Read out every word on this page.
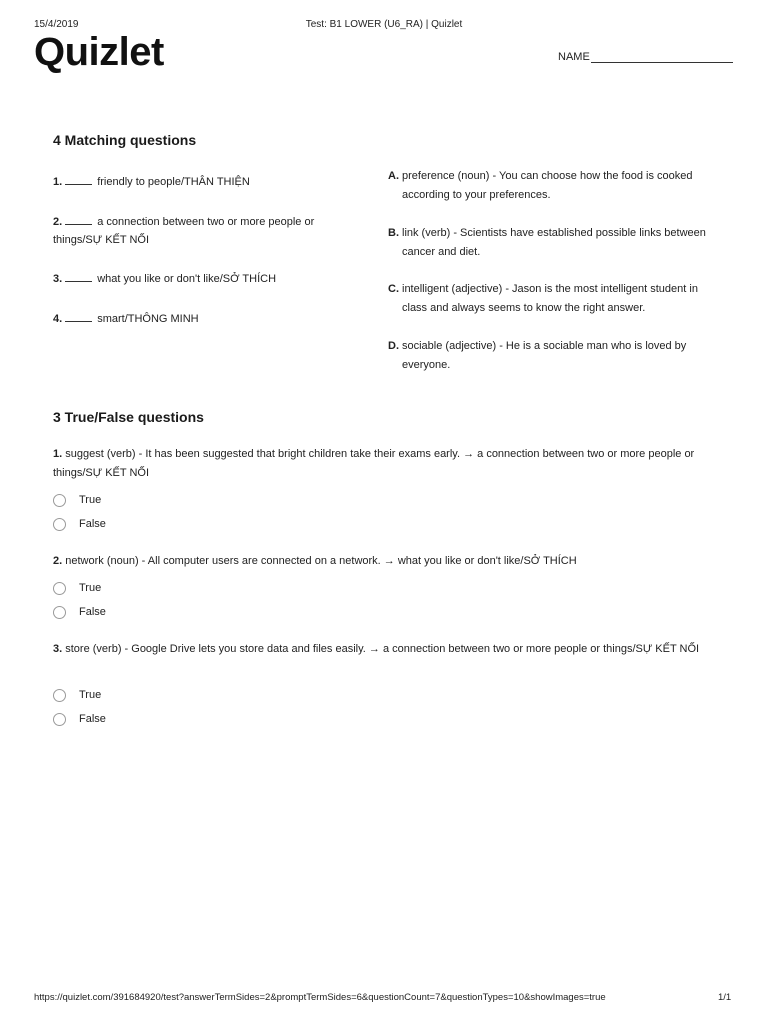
15/4/2019	Test: B1 LOWER (U6_RA) | Quizlet
Quizlet	NAME
4 Matching questions
1.	friendly to people/THÂN THIỆN
2.	a connection between two or more people or things/SỰ KẾT NỐI
3.	what you like or don't like/SỞ THÍCH
4.	smart/THÔNG MINH
A. preference (noun) - You can choose how the food is cooked according to your preferences.
B. link (verb) - Scientists have established possible links between cancer and diet.
C. intelligent (adjective) - Jason is the most intelligent student in class and always seems to know the right answer.
D. sociable (adjective) - He is a sociable man who is loved by everyone.
3 True/False questions
1. suggest (verb) - It has been suggested that bright children take their exams early. → a connection between two or more people or things/SỰ KẾT NỐI
True
False
2. network (noun) - All computer users are connected on a network. → what you like or don't like/SỞ THÍCH
True
False
3. store (verb) - Google Drive lets you store data and files easily. → a connection between two or more people or things/SỰ KẾT NỐI
True
False
https://quizlet.com/391684920/test?answerTermSides=2&promptTermSides=6&questionCount=7&questionTypes=10&showImages=true	1/1
